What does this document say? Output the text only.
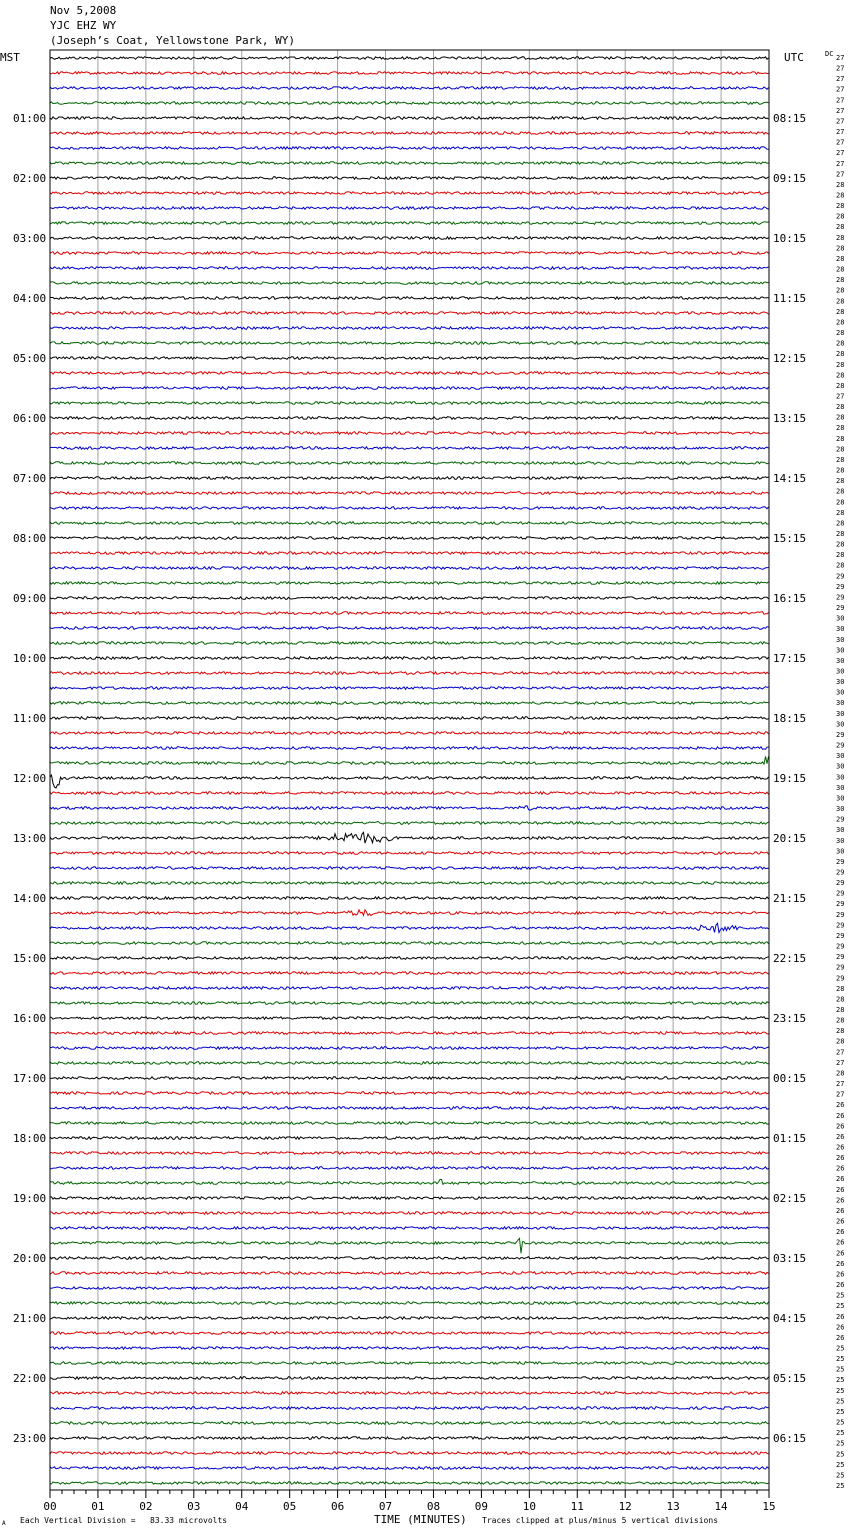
Nov 5,2008
YJC EHZ WY
(Joseph’s Coat, Yellowstone Park, WY)
MST	UTC	DC
01:00
02:00
03:00
04:00
05:00
06:00
07:00
08:00
09:00
10:00
11:00
12:00
13:00
14:00
15:00
16:00
17:00
18:00
19:00
20:00
21:00
22:00
23:00
08:15
09:15
10:15
11:15
12:15
13:15
14:15
15:15
16:15
17:15
18:15
19:15
20:15
21:15
22:15
23:15
00:15
01:15
02:15
03:15
04:15
05:15
06:15
27
27
27
27
27
27
27
27
27
27
27
27
28
28
28
28
28
28
28
28
28
28
28
28
28
28
28
28
28
28
28
28
27
28
28
28
28
28
28
28
28
28
28
28
28
28
28
28
28
29
29
29
29
30
30
30
30
30
30
30
30
30
30
30
29
29
30
30
30
30
30
30
29
30
30
30
29
29
29
29
29
29
29
29
29
29
29
29
28
28
28
28
28
28
27
27
28
27
27
26
26
26
26
26
26
26
26
26
26
26
26
26
26
26
26
26
26
25
25
26
26
26
25
25
25
25
25
25
25
25
25
25
25
25
25
25
00	01	02	03	04	05	06	07	08	09	10	11	12	13	14	15
A Each Vertical Division =   83.33 microvolts	TIME (MINUTES) Traces clipped at plus/minus 5 vertical divisions
